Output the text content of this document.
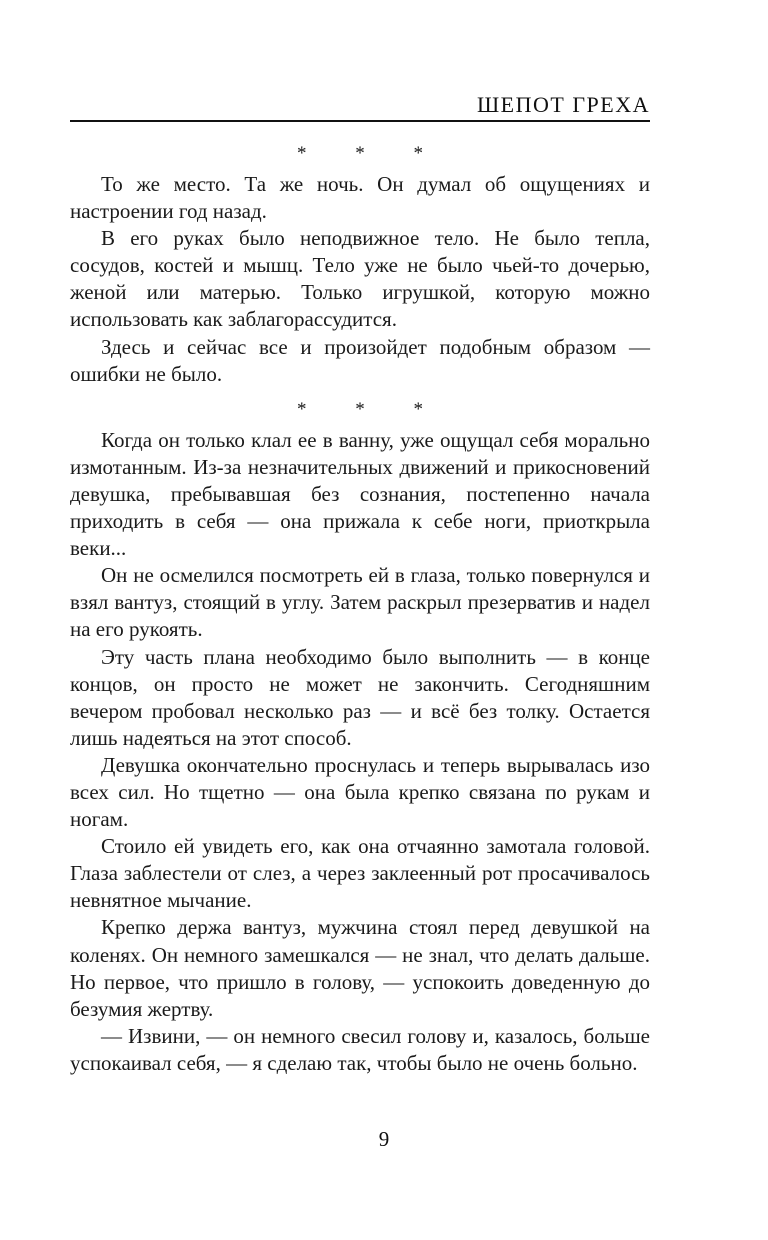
ШЕПОТ ГРЕХА

* * *

То же место. Та же ночь. Он думал об ощущениях и настроении год назад.

В его руках было неподвижное тело. Не было тепла, сосудов, костей и мышц. Тело уже не было чьей-то дочерью, женой или матерью. Только игрушкой, которую можно использовать как заблагорассудится.

Здесь и сейчас все и произойдет подобным образом — ошибки не было.

* * *

Когда он только клал ее в ванну, уже ощущал себя морально измотанным. Из-за незначительных движений и прикосновений девушка, пребывавшая без сознания, постепенно начала приходить в себя — она прижала к себе ноги, приоткрыла веки...

Он не осмелился посмотреть ей в глаза, только повернулся и взял вантуз, стоящий в углу. Затем раскрыл презерватив и надел на его рукоять.

Эту часть плана необходимо было выполнить — в конце концов, он просто не может не закончить. Сегодняшним вечером пробовал несколько раз — и всё без толку. Остается лишь надеяться на этот способ.

Девушка окончательно проснулась и теперь вырывалась изо всех сил. Но тщетно — она была крепко связана по рукам и ногам.

Стоило ей увидеть его, как она отчаянно замотала головой. Глаза заблестели от слез, а через заклеенный рот просачивалось невнятное мычание.

Крепко держа вантуз, мужчина стоял перед девушкой на коленях. Он немного замешкался — не знал, что делать дальше. Но первое, что пришло в голову, — успокоить доведенную до безумия жертву.

— Извини, — он немного свесил голову и, казалось, больше успокаивал себя, — я сделаю так, чтобы было не очень больно.

9
